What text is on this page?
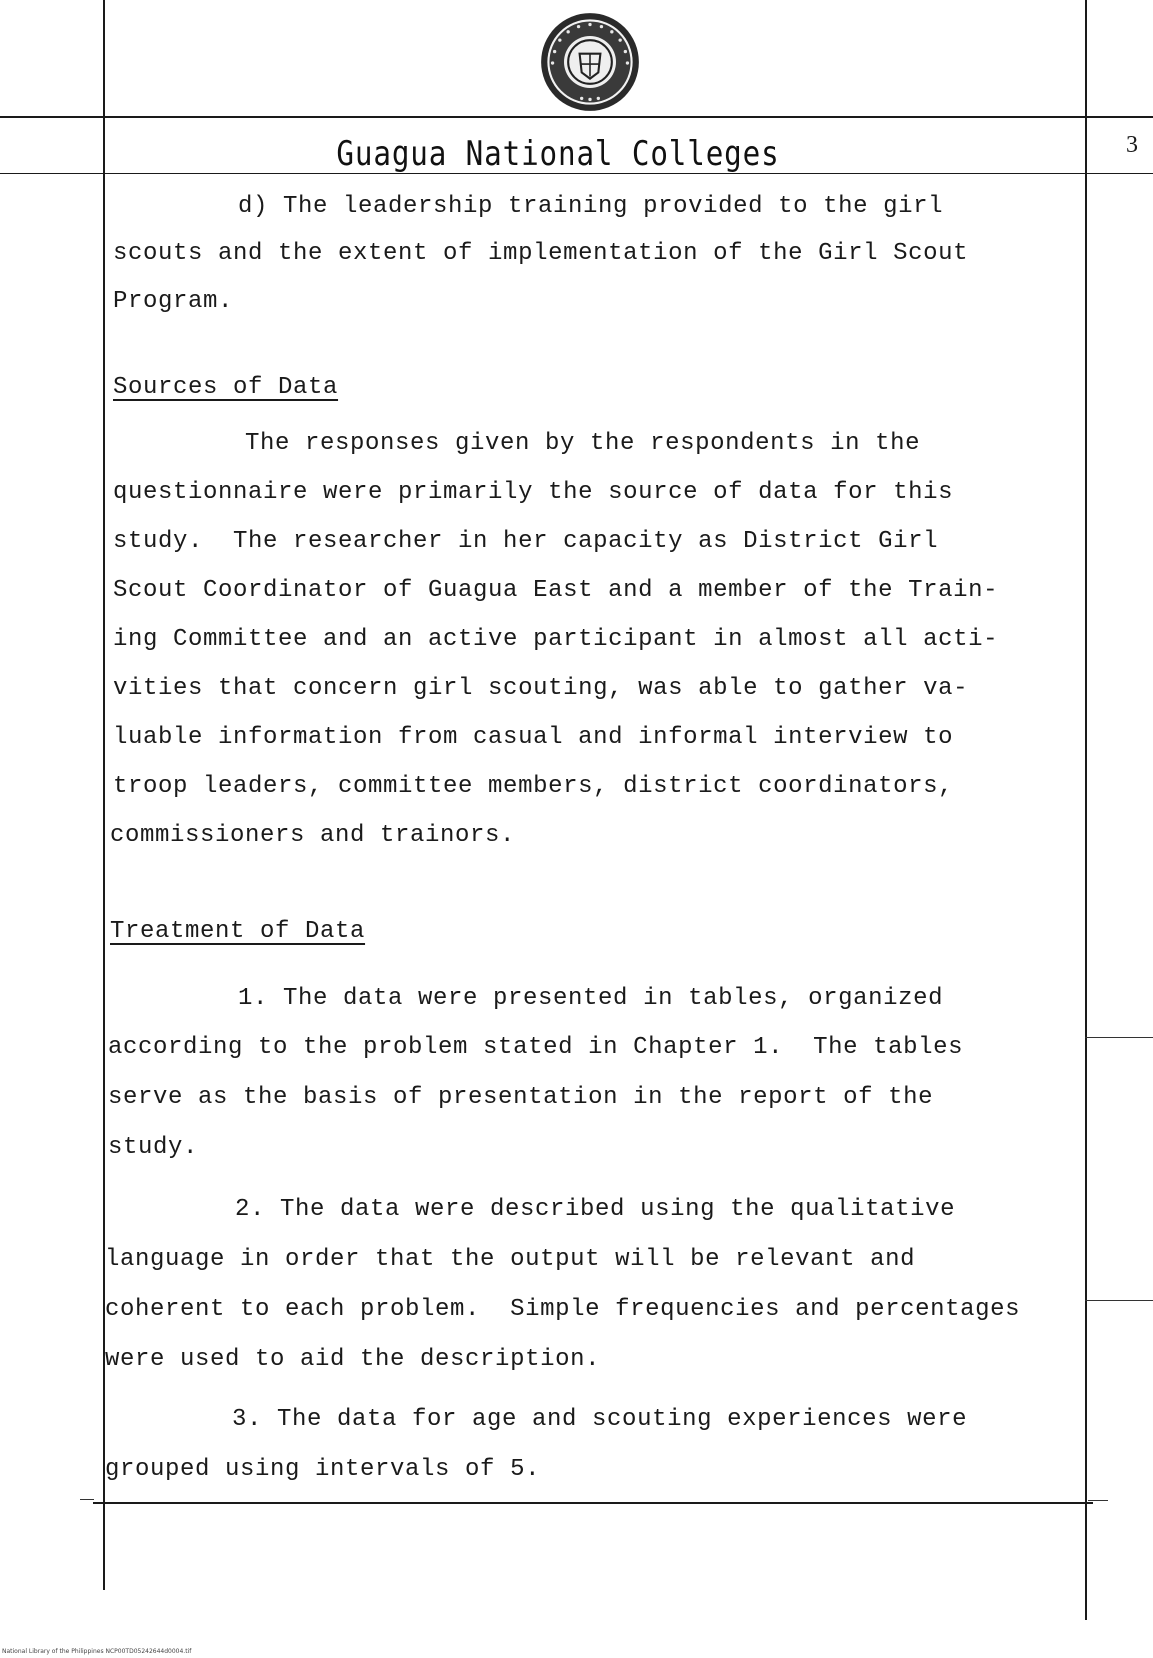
Guagua National Colleges	3
d) The leadership training provided to the girl
scouts and the extent of implementation of the Girl Scout
Program.
Sources of Data
The responses given by the respondents in the
questionnaire were primarily the source of data for this
study.  The researcher in her capacity as District Girl
Scout Coordinator of Guagua East and a member of the Train-
ing Committee and an active participant in almost all acti-
vities that concern girl scouting, was able to gather va-
luable information from casual and informal interview to
troop leaders, committee members, district coordinators,
commissioners and trainors.
Treatment of Data
1. The data were presented in tables, organized
according to the problem stated in Chapter 1.  The tables
serve as the basis of presentation in the report of the
study.
2. The data were described using the qualitative
language in order that the output will be relevant and
coherent to each problem.  Simple frequencies and percentages
were used to aid the description.
3. The data for age and scouting experiences were
grouped using intervals of 5.
National Library of the Philippines NCP00TD05242644d0004.tif
